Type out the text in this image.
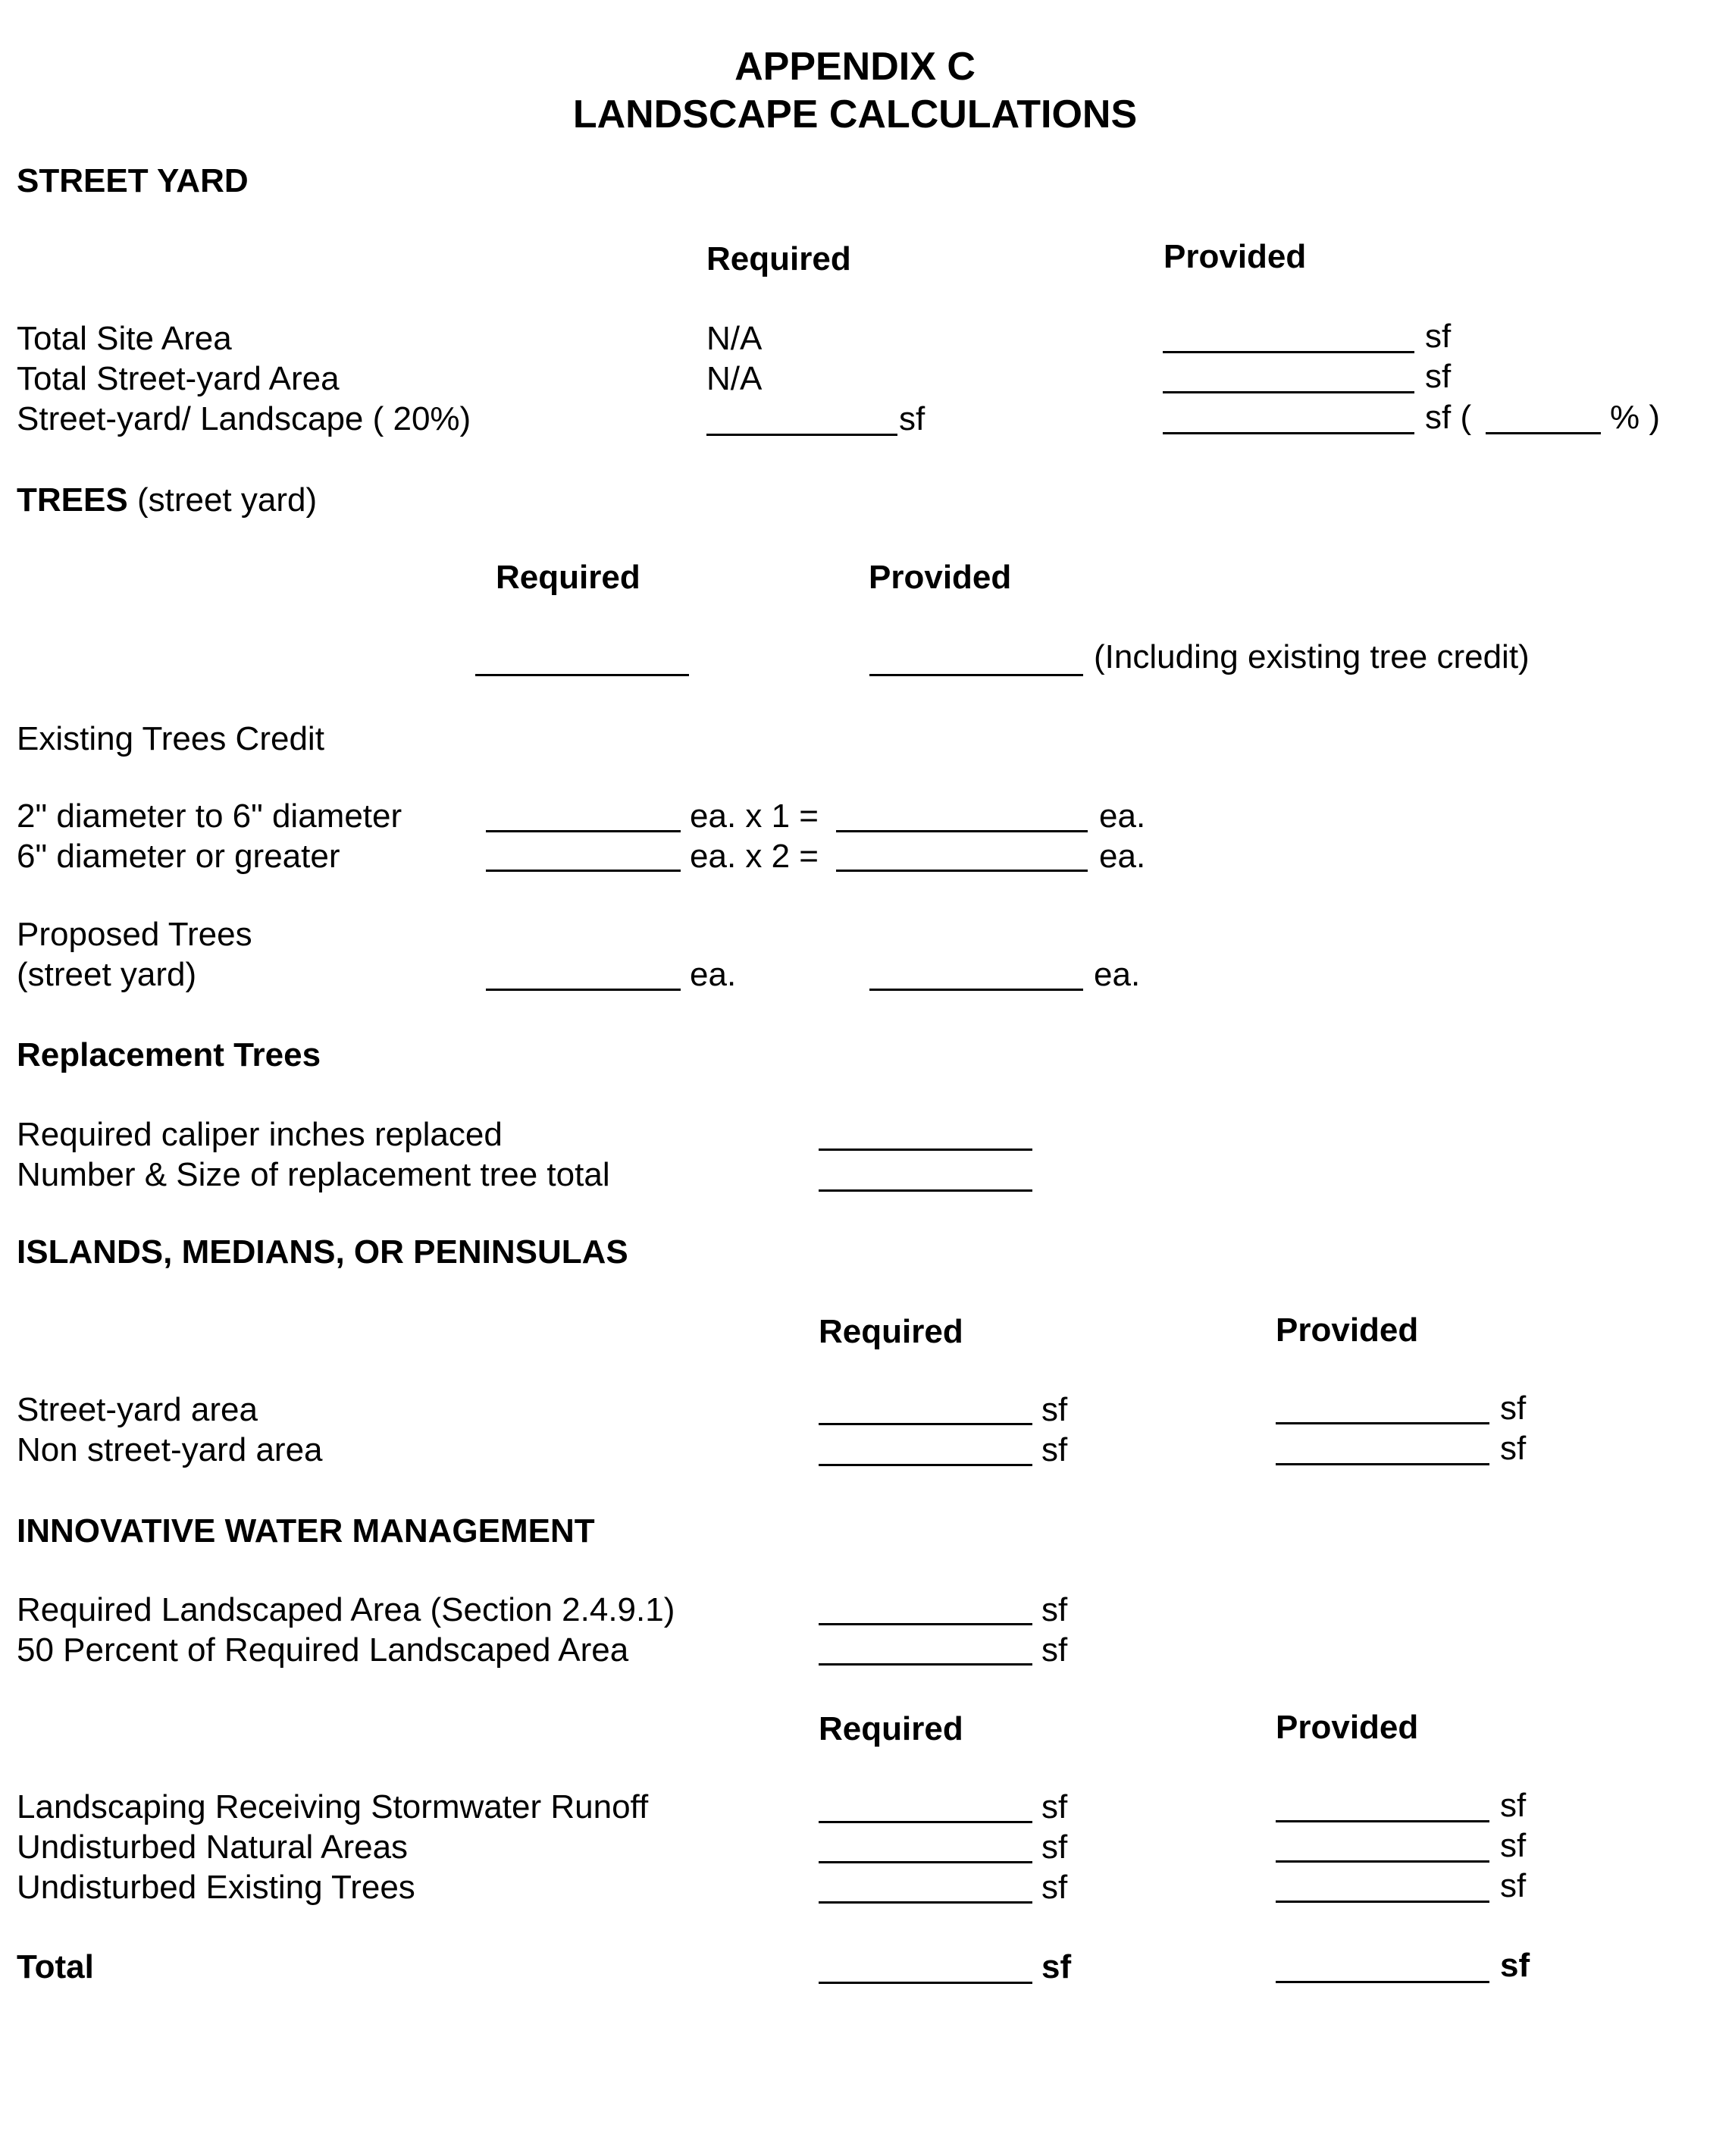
APPENDIX C
LANDSCAPE CALCULATIONS
STREET YARD
Required	Provided
Total Site Area	N/A	sf
Total Street-yard Area	N/A	sf
Street-yard/ Landscape ( 20%)	sf	sf (	% )
TREES (street yard)
Required	Provided
(Including existing tree credit)
Existing Trees Credit
2" diameter to 6" diameter	ea. x 1 =	ea.
6" diameter or greater	ea. x 2 =	ea.
Proposed Trees
(street yard)	ea.	ea.
Replacement Trees
Required caliper inches replaced
Number & Size of replacement tree total
ISLANDS, MEDIANS, OR PENINSULAS
Required	Provided
Street-yard area	sf	sf
Non street-yard area	sf	sf
INNOVATIVE WATER MANAGEMENT
Required Landscaped Area (Section 2.4.9.1)	sf
50 Percent of Required Landscaped Area	sf
Required	Provided
Landscaping Receiving Stormwater Runoff	sf	sf
Undisturbed Natural Areas	sf	sf
Undisturbed Existing Trees	sf	sf
Total	sf	sf
